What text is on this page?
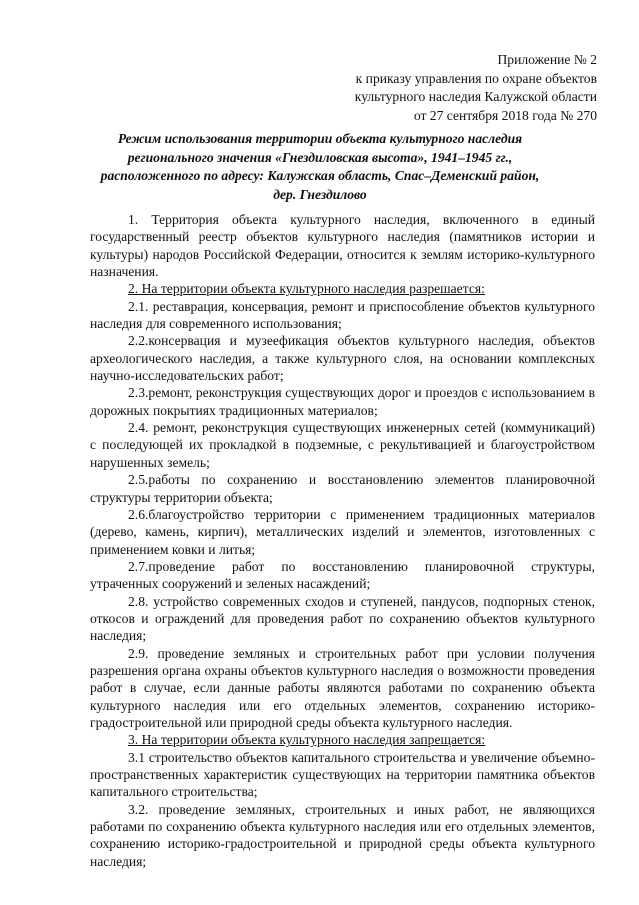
Приложение № 2
к приказу управления по охране объектов
культурного наследия Калужской области
от 27 сентября 2018 года № 270
Режим использования территории объекта культурного наследия
регионального значения «Гнездиловская высота», 1941–1945 гг.,
расположенного по адресу: Калужская область, Спас–Деменский район,
дер. Гнездилово

1. Территория объекта культурного наследия, включенного в единый государственный реестр объектов культурного наследия (памятников истории и культуры) народов Российской Федерации, относится к землям историко-культурного назначения.

2. На территории объекта культурного наследия разрешается:

2.1. реставрация, консервация, ремонт и приспособление объектов культурного наследия для современного использования;

2.2.консервация и музеефикация объектов культурного наследия, объектов археологического наследия, а также культурного слоя, на основании комплексных научно-исследовательских работ;

2.3.ремонт, реконструкция существующих дорог и проездов с использованием в дорожных покрытиях традиционных материалов;

2.4. ремонт, реконструкция существующих инженерных сетей (коммуникаций) с последующей их прокладкой в подземные, с рекультивацией и благоустройством нарушенных земель;

2.5.работы по сохранению и восстановлению элементов планировочной структуры территории объекта;

2.6.благоустройство территории с применением традиционных материалов (дерево, камень, кирпич), металлических изделий и элементов, изготовленных с применением ковки и литья;

2.7.проведение работ по восстановлению планировочной структуры, утраченных сооружений и зеленых насаждений;

2.8. устройство современных сходов и ступеней, пандусов, подпорных стенок, откосов и ограждений для проведения работ по сохранению объектов культурного наследия;

2.9. проведение земляных и строительных работ при условии получения разрешения органа охраны объектов культурного наследия о возможности проведения работ в случае, если данные работы являются работами по сохранению объекта культурного наследия или его отдельных элементов, сохранению историко-градостроительной или природной среды объекта культурного наследия.

3. На территории объекта культурного наследия запрещается:

3.1 строительство объектов капитального строительства и увеличение объемно-пространственных характеристик существующих на территории памятника объектов капитального строительства;

3.2. проведение земляных, строительных и иных работ, не являющихся работами по сохранению объекта культурного наследия или его отдельных элементов, сохранению историко-градостроительной и природной среды объекта культурного наследия;
